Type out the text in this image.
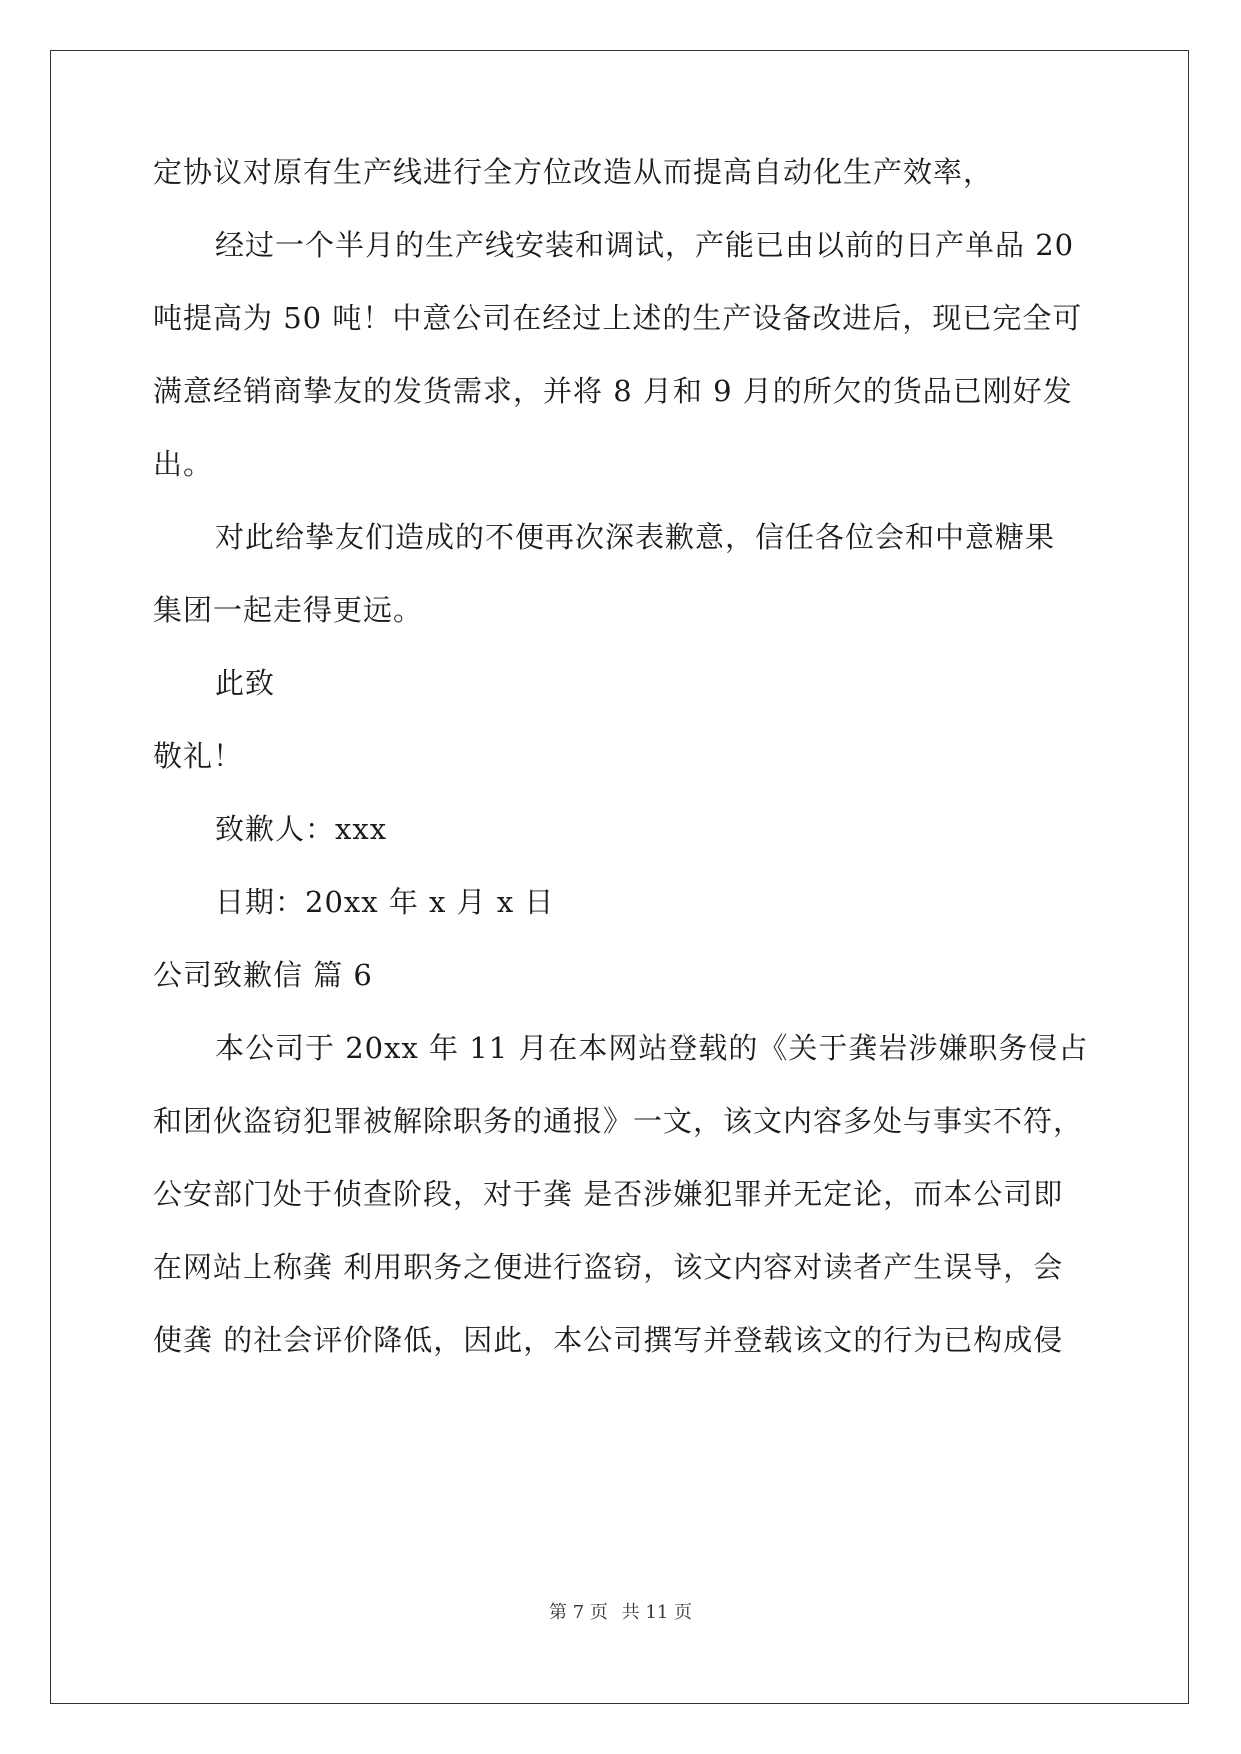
定协议对原有生产线进行全方位改造从而提高自动化生产效率，
经过一个半月的生产线安装和调试，产能已由以前的日产单品 20
吨提高为 50 吨！中意公司在经过上述的生产设备改进后，现已完全可
满意经销商挚友的发货需求，并将 8 月和 9 月的所欠的货品已刚好发
出。
对此给挚友们造成的不便再次深表歉意，信任各位会和中意糖果
集团一起走得更远。
此致
敬礼！
致歉人：xxx
日期：20xx 年 x 月 x 日
公司致歉信 篇 6
本公司于 20xx 年 11 月在本网站登载的《关于龚岩涉嫌职务侵占
和团伙盗窃犯罪被解除职务的通报》一文，该文内容多处与事实不符，
公安部门处于侦查阶段，对于龚 是否涉嫌犯罪并无定论，而本公司即
在网站上称龚 利用职务之便进行盗窃，该文内容对读者产生误导，会
使龚 的社会评价降低，因此，本公司撰写并登载该文的行为已构成侵
第 7 页 共 11 页
